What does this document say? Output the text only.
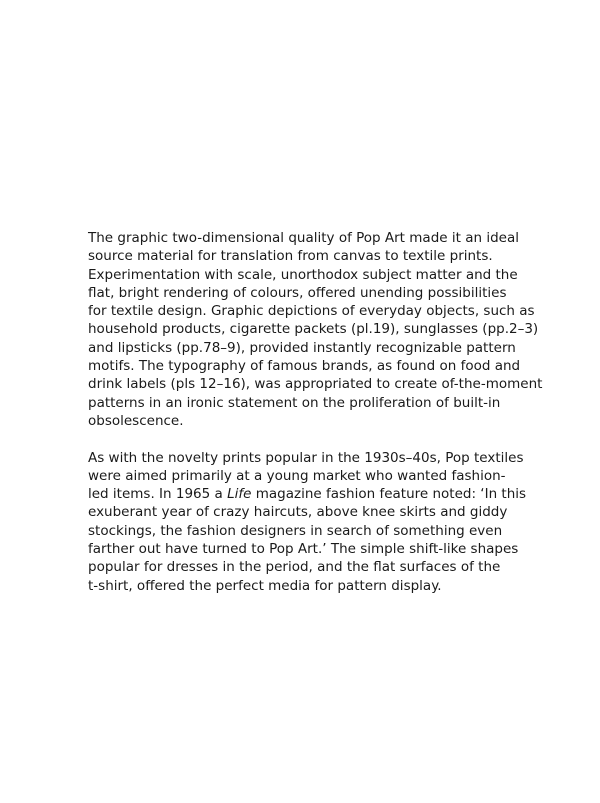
The graphic two-dimensional quality of Pop Art made it an ideal
source material for translation from canvas to textile prints.
Experimentation with scale, unorthodox subject matter and the
flat, bright rendering of colours, offered unending possibilities
for textile design. Graphic depictions of everyday objects, such as
household products, cigarette packets (pl.19), sunglasses (pp.2–3)
and lipsticks (pp.78–9), provided instantly recognizable pattern
motifs. The typography of famous brands, as found on food and
drink labels (pls 12–16), was appropriated to create of-the-moment
patterns in an ironic statement on the proliferation of built-in
obsolescence.

As with the novelty prints popular in the 1930s–40s, Pop textiles
were aimed primarily at a young market who wanted fashion-
led items. In 1965 a Life magazine fashion feature noted: ‘In this
exuberant year of crazy haircuts, above knee skirts and giddy
stockings, the fashion designers in search of something even
farther out have turned to Pop Art.’ The simple shift-like shapes
popular for dresses in the period, and the flat surfaces of the
t-shirt, offered the perfect media for pattern display.
